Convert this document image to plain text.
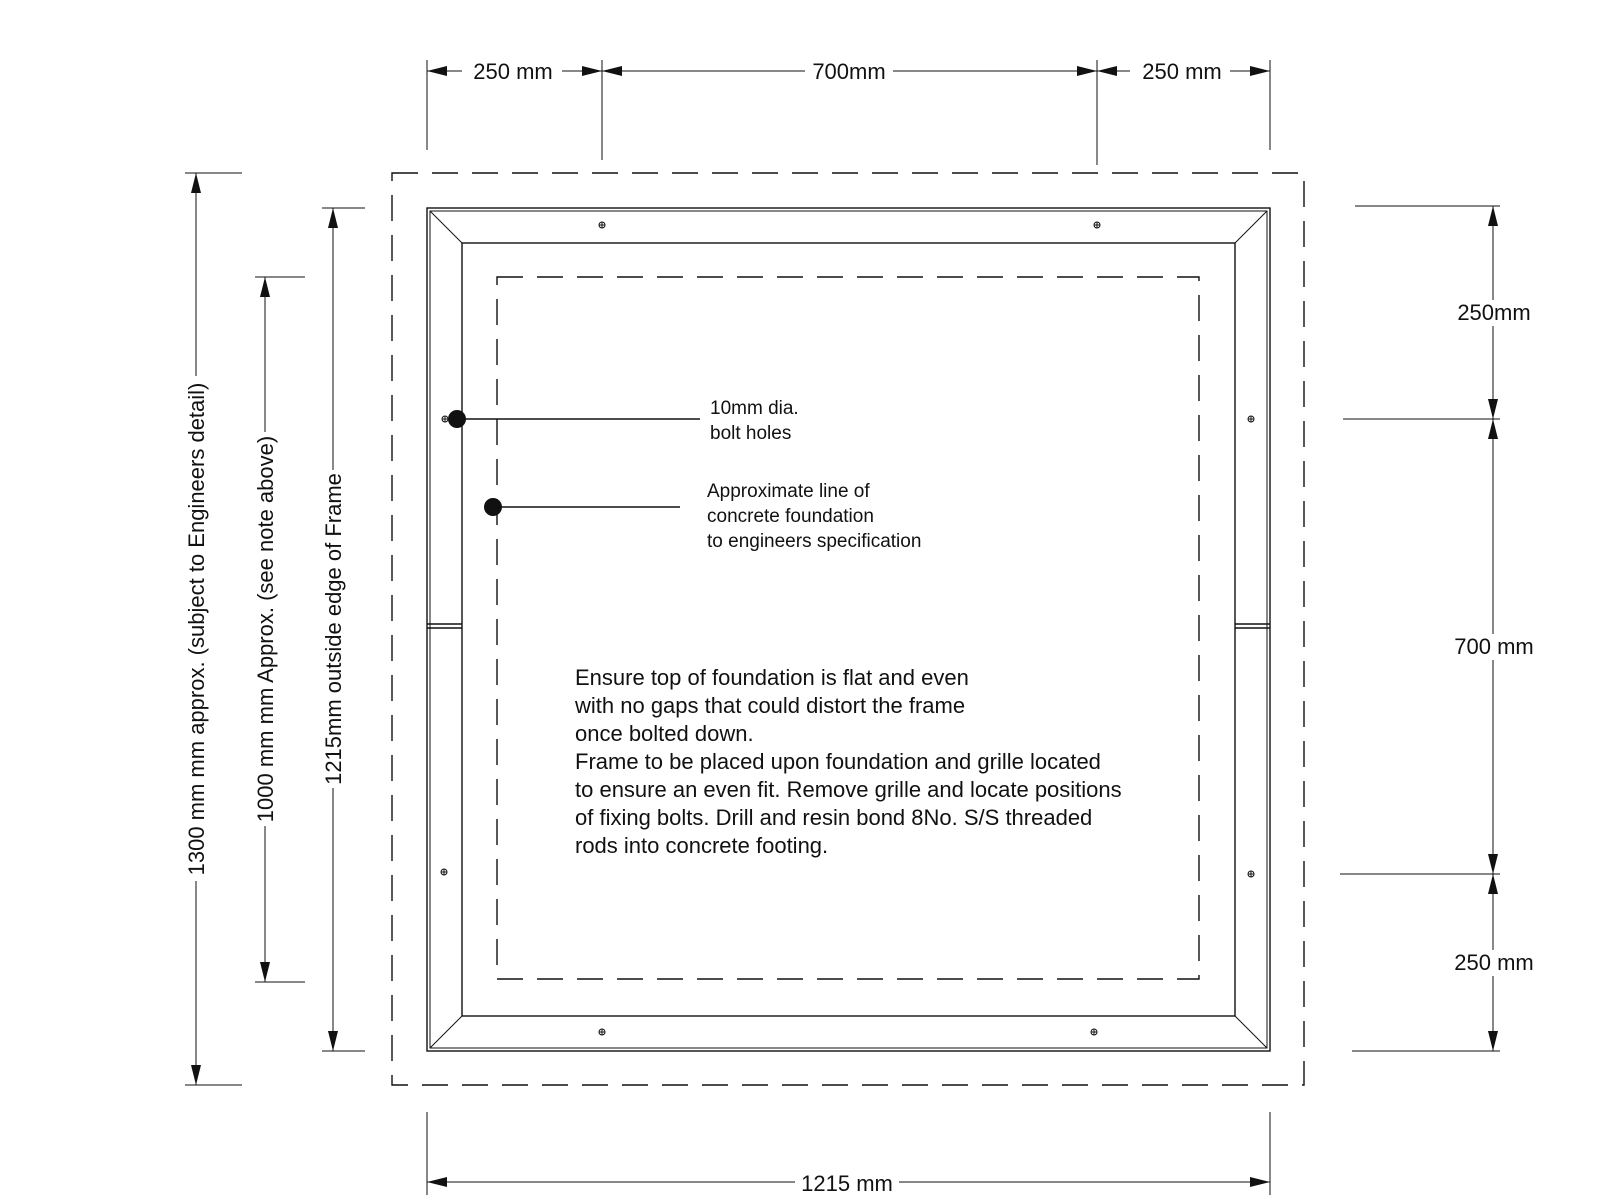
10mm dia.
bolt holes
Approximate line of
concrete foundation
to engineers specification
Ensure top of foundation is flat and even
with no gaps that could distort the frame
once bolted down.
Frame to be placed upon foundation and grille located
to ensure an even fit. Remove grille and locate positions
of fixing bolts. Drill and resin bond 8No. S/S threaded
rods into concrete footing.
250 mm	700mm	250 mm
250mm
700 mm
250 mm
1215 mm
1300 mm mm approx. (subject to Engineers detail) 1000 mm mm Approx. (see note above) 1215mm outside edge of Frame
